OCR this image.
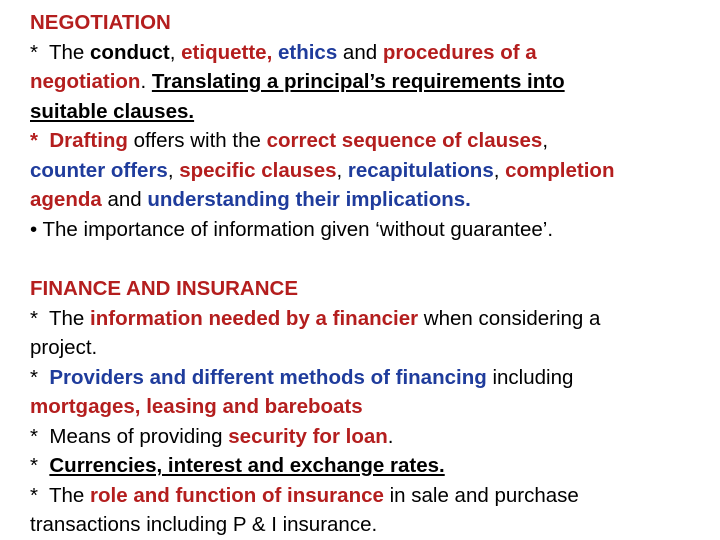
NEGOTIATION
*  The conduct, etiquette, ethics and procedures of a
negotiation. Translating a principal’s requirements into
suitable clauses.
*  Drafting offers with the correct sequence of clauses,
counter offers, specific clauses, recapitulations, completion
agenda and understanding their implications.
• The importance of information given ‘without guarantee’.
FINANCE AND INSURANCE
*  The information needed by a financier when considering a
project.
*  Providers and different methods of financing including
mortgages, leasing and bareboats
*  Means of providing security for loan.
*  Currencies, interest and exchange rates.
*  The role and function of insurance in sale and purchase
transactions including P & I insurance.
